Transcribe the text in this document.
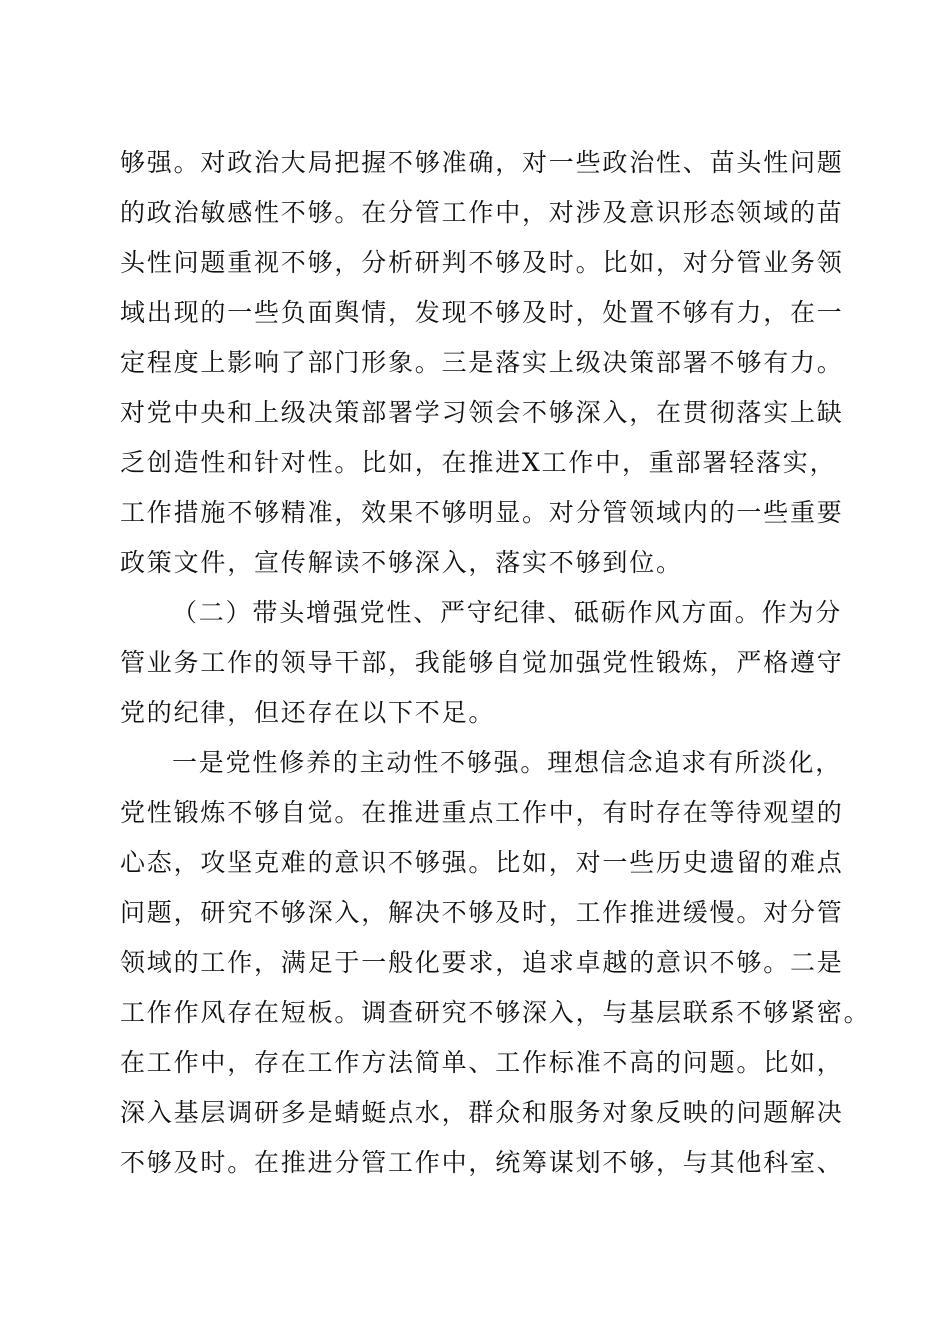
够强。对政治大局把握不够准确，对一些政治性、苗头性问题
的政治敏感性不够。在分管工作中，对涉及意识形态领域的苗
头性问题重视不够，分析研判不够及时。比如，对分管业务领
域出现的一些负面舆情，发现不够及时，处置不够有力，在一
定程度上影响了部门形象。三是落实上级决策部署不够有力。
对党中央和上级决策部署学习领会不够深入，在贯彻落实上缺
乏创造性和针对性。比如，在推进X工作中，重部署轻落实，
工作措施不够精准，效果不够明显。对分管领域内的一些重要
政策文件，宣传解读不够深入，落实不够到位。
（二）带头增强党性、严守纪律、砥砺作风方面。作为分
管业务工作的领导干部，我能够自觉加强党性锻炼，严格遵守
党的纪律，但还存在以下不足。
一是党性修养的主动性不够强。理想信念追求有所淡化，
党性锻炼不够自觉。在推进重点工作中，有时存在等待观望的
心态，攻坚克难的意识不够强。比如，对一些历史遗留的难点
问题，研究不够深入，解决不够及时，工作推进缓慢。对分管
领域的工作，满足于一般化要求，追求卓越的意识不够。二是
工作作风存在短板。调查研究不够深入，与基层联系不够紧密。
在工作中，存在工作方法简单、工作标准不高的问题。比如，
深入基层调研多是蜻蜓点水，群众和服务对象反映的问题解决
不够及时。在推进分管工作中，统筹谋划不够，与其他科室、
